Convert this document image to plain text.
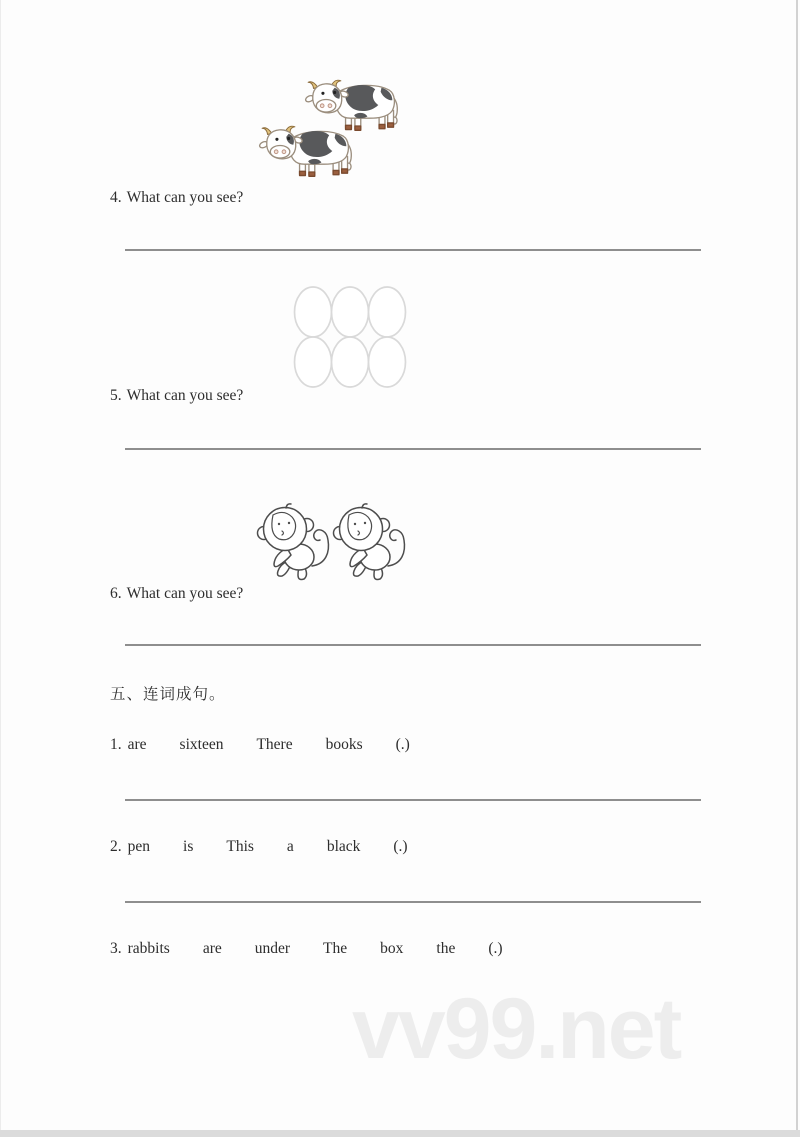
4. What can you see?
5. What can you see?
6. What can you see?
五、连词成句。
1. are sixteen There books (.)
2. pen is This a black (.)
3. rabbits are under The box the (.)
vv99.net
